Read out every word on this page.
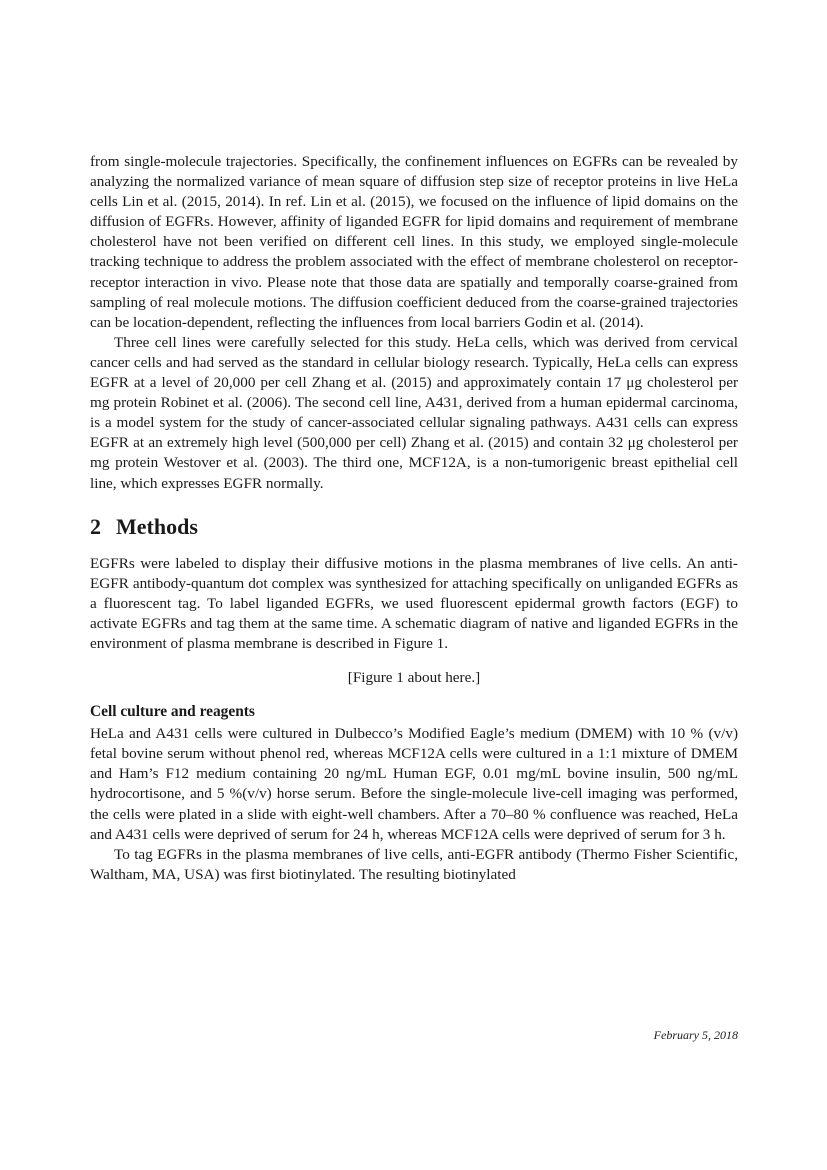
from single-molecule trajectories. Specifically, the confinement influences on EGFRs can be revealed by analyzing the normalized variance of mean square of diffusion step size of receptor proteins in live HeLa cells Lin et al. (2015, 2014). In ref. Lin et al. (2015), we focused on the influence of lipid domains on the diffusion of EGFRs. However, affinity of liganded EGFR for lipid domains and requirement of membrane cholesterol have not been verified on different cell lines. In this study, we employed single-molecule tracking technique to address the problem associated with the effect of membrane cholesterol on receptor-receptor interaction in vivo. Please note that those data are spatially and temporally coarse-grained from sampling of real molecule motions. The diffusion coefficient deduced from the coarse-grained trajectories can be location-dependent, reflecting the influences from local barriers Godin et al. (2014).

Three cell lines were carefully selected for this study. HeLa cells, which was derived from cervical cancer cells and had served as the standard in cellular biology research. Typically, HeLa cells can express EGFR at a level of 20,000 per cell Zhang et al. (2015) and approximately contain 17 μg cholesterol per mg protein Robinet et al. (2006). The second cell line, A431, derived from a human epidermal carcinoma, is a model system for the study of cancer-associated cellular signaling pathways. A431 cells can express EGFR at an extremely high level (500,000 per cell) Zhang et al. (2015) and contain 32 μg cholesterol per mg protein Westover et al. (2003). The third one, MCF12A, is a non-tumorigenic breast epithelial cell line, which expresses EGFR normally.

2 Methods

EGFRs were labeled to display their diffusive motions in the plasma membranes of live cells. An anti-EGFR antibody-quantum dot complex was synthesized for attaching specifically on unliganded EGFRs as a fluorescent tag. To label liganded EGFRs, we used fluorescent epidermal growth factors (EGF) to activate EGFRs and tag them at the same time. A schematic diagram of native and liganded EGFRs in the environment of plasma membrane is described in Figure 1.

[Figure 1 about here.]
Cell culture and reagents

HeLa and A431 cells were cultured in Dulbecco’s Modified Eagle’s medium (DMEM) with 10 % (v/v) fetal bovine serum without phenol red, whereas MCF12A cells were cultured in a 1:1 mixture of DMEM and Ham’s F12 medium containing 20 ng/mL Human EGF, 0.01 mg/mL bovine insulin, 500 ng/mL hydrocortisone, and 5 %(v/v) horse serum. Before the single-molecule live-cell imaging was performed, the cells were plated in a slide with eight-well chambers. After a 70–80 % confluence was reached, HeLa and A431 cells were deprived of serum for 24 h, whereas MCF12A cells were deprived of serum for 3 h.

To tag EGFRs in the plasma membranes of live cells, anti-EGFR antibody (Thermo Fisher Scientific, Waltham, MA, USA) was first biotinylated. The resulting biotinylated

February 5, 2018
